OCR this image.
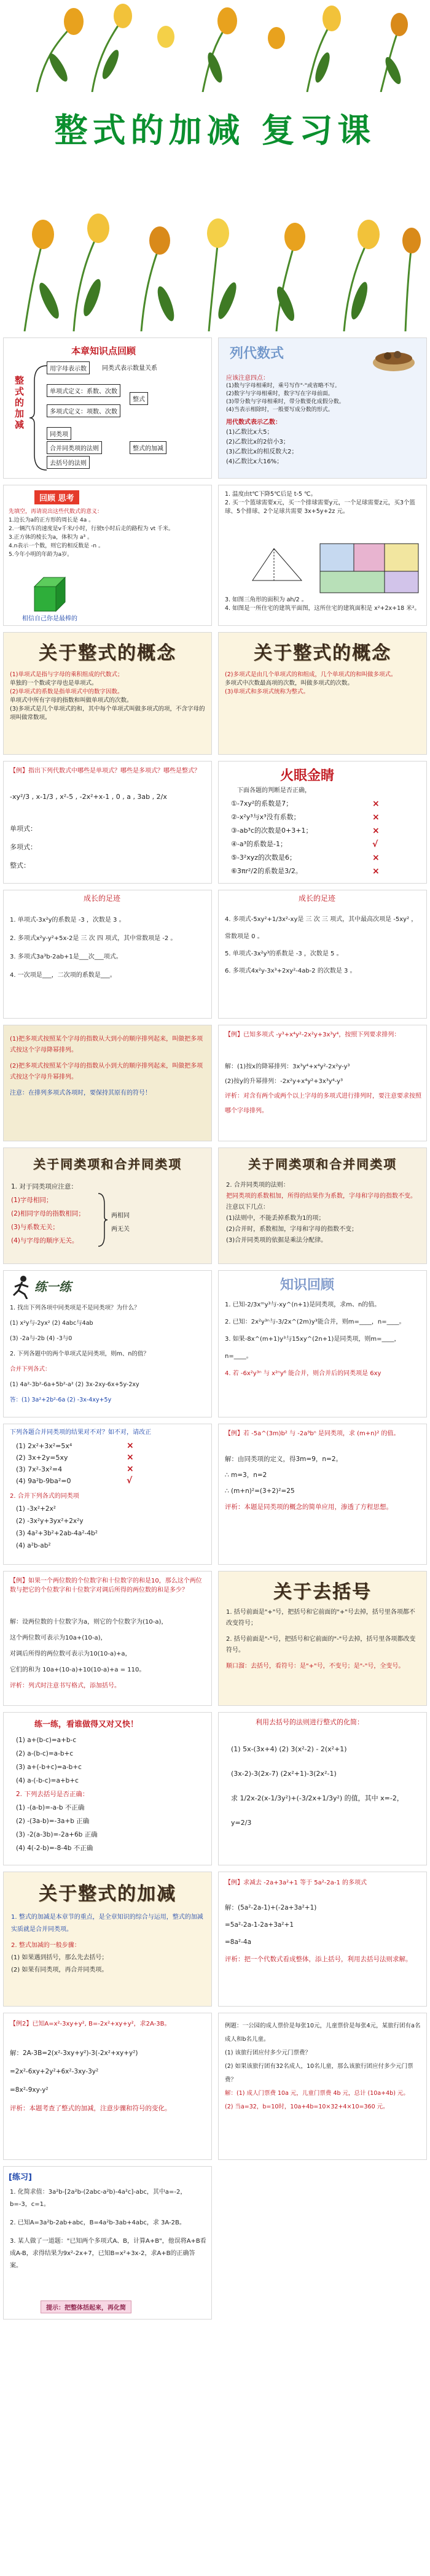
整式的加减 复习课
本章知识点回顾
整式的加减
用字母表示数	同类式表示数量关系
单项式定义：系数、次数
多项式定义：项数、次数
整式
同类项
合并同类项的法则	整式的加减
去括号的法则
列代数式
应该注意四点：
(1)数与字母相乘时，乘号写作"·"或省略不写。
(2)数字与字母相乘时，数字写在字母前面。
(3)带分数与字母相乘时，带分数要化成假分数。
(4)当表示相除时，一般要写成分数的形式。
用代数式表示乙数：
(1)乙数比x大5；
(2)乙数比x的2倍小3；
(3)乙数比x的相反数大2；
(4)乙数比x大16%；
回顾 思考
先填空，再请说出这些代数式的意义：
1.边长为a的正方形的周长是 4a 。
2.一辆汽车的速度是v千米/小时，行驶t小时后走的路程为 vt 千米。
3.正方体的棱长为a，体积为 a³ 。
4.n表示一个数，则它的相反数是 -n 。
5.今年小明的年龄为a岁。
相信自己你是最棒的
1. 温度由t℃下降5℃后是 t-5 ℃。
2. 买一个篮球需要x元，买一个排球需要y元，一个足球需要z元，买3个篮球、5个排球、2个足球共需要 3x+5y+2z 元。
3. 如图三角形的面积为 ah/2 。
4. 如图是一所住宅的建筑平面图，这所住宅的建筑面积是 x²+2x+18 米²。
关于整式的概念
(1)单项式是指与字母的乘积组成的代数式；
单独的一个数或字母也是单项式。
(2)单项式的系数是指单项式中的数字因数。
单项式中所有字母的指数和叫做单项式的次数。
(3)多项式是几个单项式的和，其中每个单项式叫做多项式的项，不含字母的项叫做常数项。
关于整式的概念
(2)多项式是由几个单项式的和组成，几个单项式的和叫做多项式。
多项式中次数最高项的次数，叫做多项式的次数。
(3)单项式和多项式统称为整式。
【例】指出下列代数式中哪些是单项式？哪些是多项式？哪些是整式？
-xy²/3 , x-1/3 , x²-5 , -2x²+x-1 , 0 , a , 3ab , 2/x
单项式：
多项式：
整式：
火眼金睛
下面各题的判断是否正确，
①-7xy²的系数是7；
②-x²y³与x³没有系数；
③-ab³c的次数是0+3+1；
④-a³的系数是-1；
⑤-3²xyz的次数是6；
⑥3πr²/2的系数是3/2。
×
×
×
√
×
×
成长的足迹
1. 单项式-3x²y的系数是 -3 ，次数是 3 。
2. 多项式x²y-y²+5x-2是 三 次 四 项式，其中常数项是 -2 。
3. 多项式3a³b-2ab+1是___次___项式。
4. 一次项是___，二次项的系数是___。
成长的足迹
4. 多项式-5xy²+1/3x²-xy是 三 次 三 项式，其中最高次项是 -5xy² ，常数项是 0 。
5. 单项式-3x²y³的系数是 -3 ，次数是 5 。
6. 多项式4x²y-3x³+2xy²-4ab-2 的次数是 3 。
(1)把多项式按照某个字母的指数从大到小的顺序排列起来，叫做把多项式按这个字母降幂排列。
(2)把多项式按照某个字母的指数从小到大的顺序排列起来，叫做把多项式按这个字母升幂排列。
注意：在排列多项式各项时，要保持其原有的符号！
【例】已知多项式 -y³+x⁴y²-2x²y+3x³y⁴，按照下列要求排列：
解：(1)按x的降幂排列：3x³y⁴+x⁴y²-2x²y-y³
(2)按y的升幂排列：-2x²y+x⁴y²+3x³y⁴-y³
评析：对含有两个或两个以上字母的多项式进行排列时，要注意要求按照哪个字母排列。
关于同类项和合并同类项
1. 对于同类项应注意：
(1)字母相同；
(2)相同字母的指数相同；
(3)与系数无关；
(4)与字母的顺序无关。
两相同
两无关
关于同类项和合并同类项
2. 合并同类项的法则：
把同类项的系数相加，所得的结果作为系数，字母和字母的指数不变。
注意以下几点：
(1)法则中，不能丢掉系数为1的项；
(2)合并时，系数相加，字母和字母的指数不变；
(3)合并同类项的依据是乘法分配律。
练一练
1. 找出下列各项中同类项是不是同类项？为什么？
(1) x²y与-2yx² (2) 4abc与4ab
(3) -2a与-2b (4) -3与0
2. 下列各题中的两个单项式是同类项，则m、n的值？
合并下列各式：
(1) 4a²-3b²-6a+5b²-a² (2) 3x-2xy-6x+5y-2xy
答：(1) 3a²+2b²-6a (2) -3x-4xy+5y
知识回顾
1. 已知-2/3xᵐy³与-xy^(n+1)是同类项，求m、n的值。
2. 已知：2x²y³ⁿ与-3/2x^(2m)y³能合并，则m=____，n=____。
3. 如果-8x^(m+1)y³与15xy^(2n+1)是同类项，则m=____，n=____。
4. 若 -6x²y³ⁿ 与 x²ⁿy⁶ 能合并，则合并后的同类项是 6xy
下列各题合并同类项的结果对不对？如不对，请改正
(1) 2x²+3x²=5x⁴
(2) 3x+2y=5xy
(3) 7x²-3x²=4
(4) 9a²b-9ba²=0
×
×
×
√
2. 合并下列各式的同类项
(1) -3x²+2x²
(2) -3x²y+3yx²+2x²y
(3) 4a²+3b²+2ab-4a²-4b²
(4) a²b-ab²
【例】若 -5a^(3m)b² 与 -2a⁹bⁿ 是同类项，求 (m+n)² 的值。
解：由同类项的定义，得3m=9，n=2。
∴ m=3，n=2
∴ (m+n)²=(3+2)²=25
评析：本题是同类项的概念的简单应用，渗透了方程思想。
【例】如果一个两位数的个位数字和十位数字的和是10，那么这个两位数与把它的个位数字和十位数字对调后所得的两位数的和是多少？
解：设两位数的十位数字为a，则它的个位数字为(10-a)，
这个两位数可表示为10a+(10-a)，
对调后所得的两位数可表示为10(10-a)+a，
它们的和为 10a+(10-a)+10(10-a)+a = 110。
评析：列式时注意书写格式，添加括号。
关于去括号
1. 括号前面是"+"号，把括号和它前面的"+"号去掉，括号里各项都不改变符号；
2. 括号前面是"-"号，把括号和它前面的"-"号去掉，括号里各项都改变符号。
顺口溜：去括号，看符号：是"+"号，不变号；是"-"号，全变号。
练一练，看谁做得又对又快！
(1) a+(b-c)=a+b-c
(2) a-(b-c)=a-b+c
(3) a+(-b+c)=a-b+c
(4) a-(-b-c)=a+b+c
2. 下列去括号是否正确：
(1) -(a-b)=-a-b 不正确
(2) -(3a-b)=-3a+b 正确
(3) -2(a-3b)=-2a+6b 正确
(4) 4(-2-b)=-8-4b 不正确
利用去括号的法则进行整式的化简：
(1) 5x-(3x+4) (2) 3(x²-2) - 2(x²+1)
(3x-2)-3(2x-7) (2x²+1)-3(2x²-1)
求 1/2x-2(x-1/3y²)+(-3/2x+1/3y²) 的值，其中 x=-2，y=2/3
关于整式的加减
1. 整式的加减是本章节的重点，是全章知识的综合与运用，整式的加减实质就是合并同类项。
2. 整式加减的一般步骤：
(1) 如果遇到括号，那么先去括号；
(2) 如果有同类项，再合并同类项。
【例】求减去 -2a+3a²+1 等于 5a²-2a-1 的多项式
解：(5a²-2a-1)+(-2a+3a²+1)
=5a²-2a-1-2a+3a²+1
=8a²-4a
评析：把一个代数式看成整体，添上括号，利用去括号法则求解。
【例2】已知A=x²-3xy+y², B=-2x²+xy+y²，求2A-3B。
解：2A-3B=2(x²-3xy+y²)-3(-2x²+xy+y²)
=2x²-6xy+2y²+6x²-3xy-3y²
=8x²-9xy-y²
评析：本题考查了整式的加减，注意步骤和符号的变化。
例题：一公园的成人票价是每张10元，儿童票价是每张4元，某旅行团有a名成人和b名儿童。
(1) 该旅行团应付多少元门票费？
(2) 如果该旅行团有32名成人，10名儿童，那么该旅行团应付多少元门票费？
解：(1) 成人门票费 10a 元，儿童门票费 4b 元，总计 (10a+4b) 元。
(2) 当a=32，b=10时，10a+4b=10×32+4×10=360 元。
[练习]
1. 化简求值：3a²b-[2a²b-(2abc-a²b)-4a²c]-abc，其中a=-2，b=-3，c=1。
2. 已知A=3a²b-2ab+abc，B=4a²b-3ab+4abc，求 3A-2B。
3. 某人做了一道题："已知两个多项式A、B，计算A+B"，他误将A+B看成A-B，求得结果为9x²-2x+7，已知B=x²+3x-2，求A+B的正确答案。
提示：把整体括起来，再化简
